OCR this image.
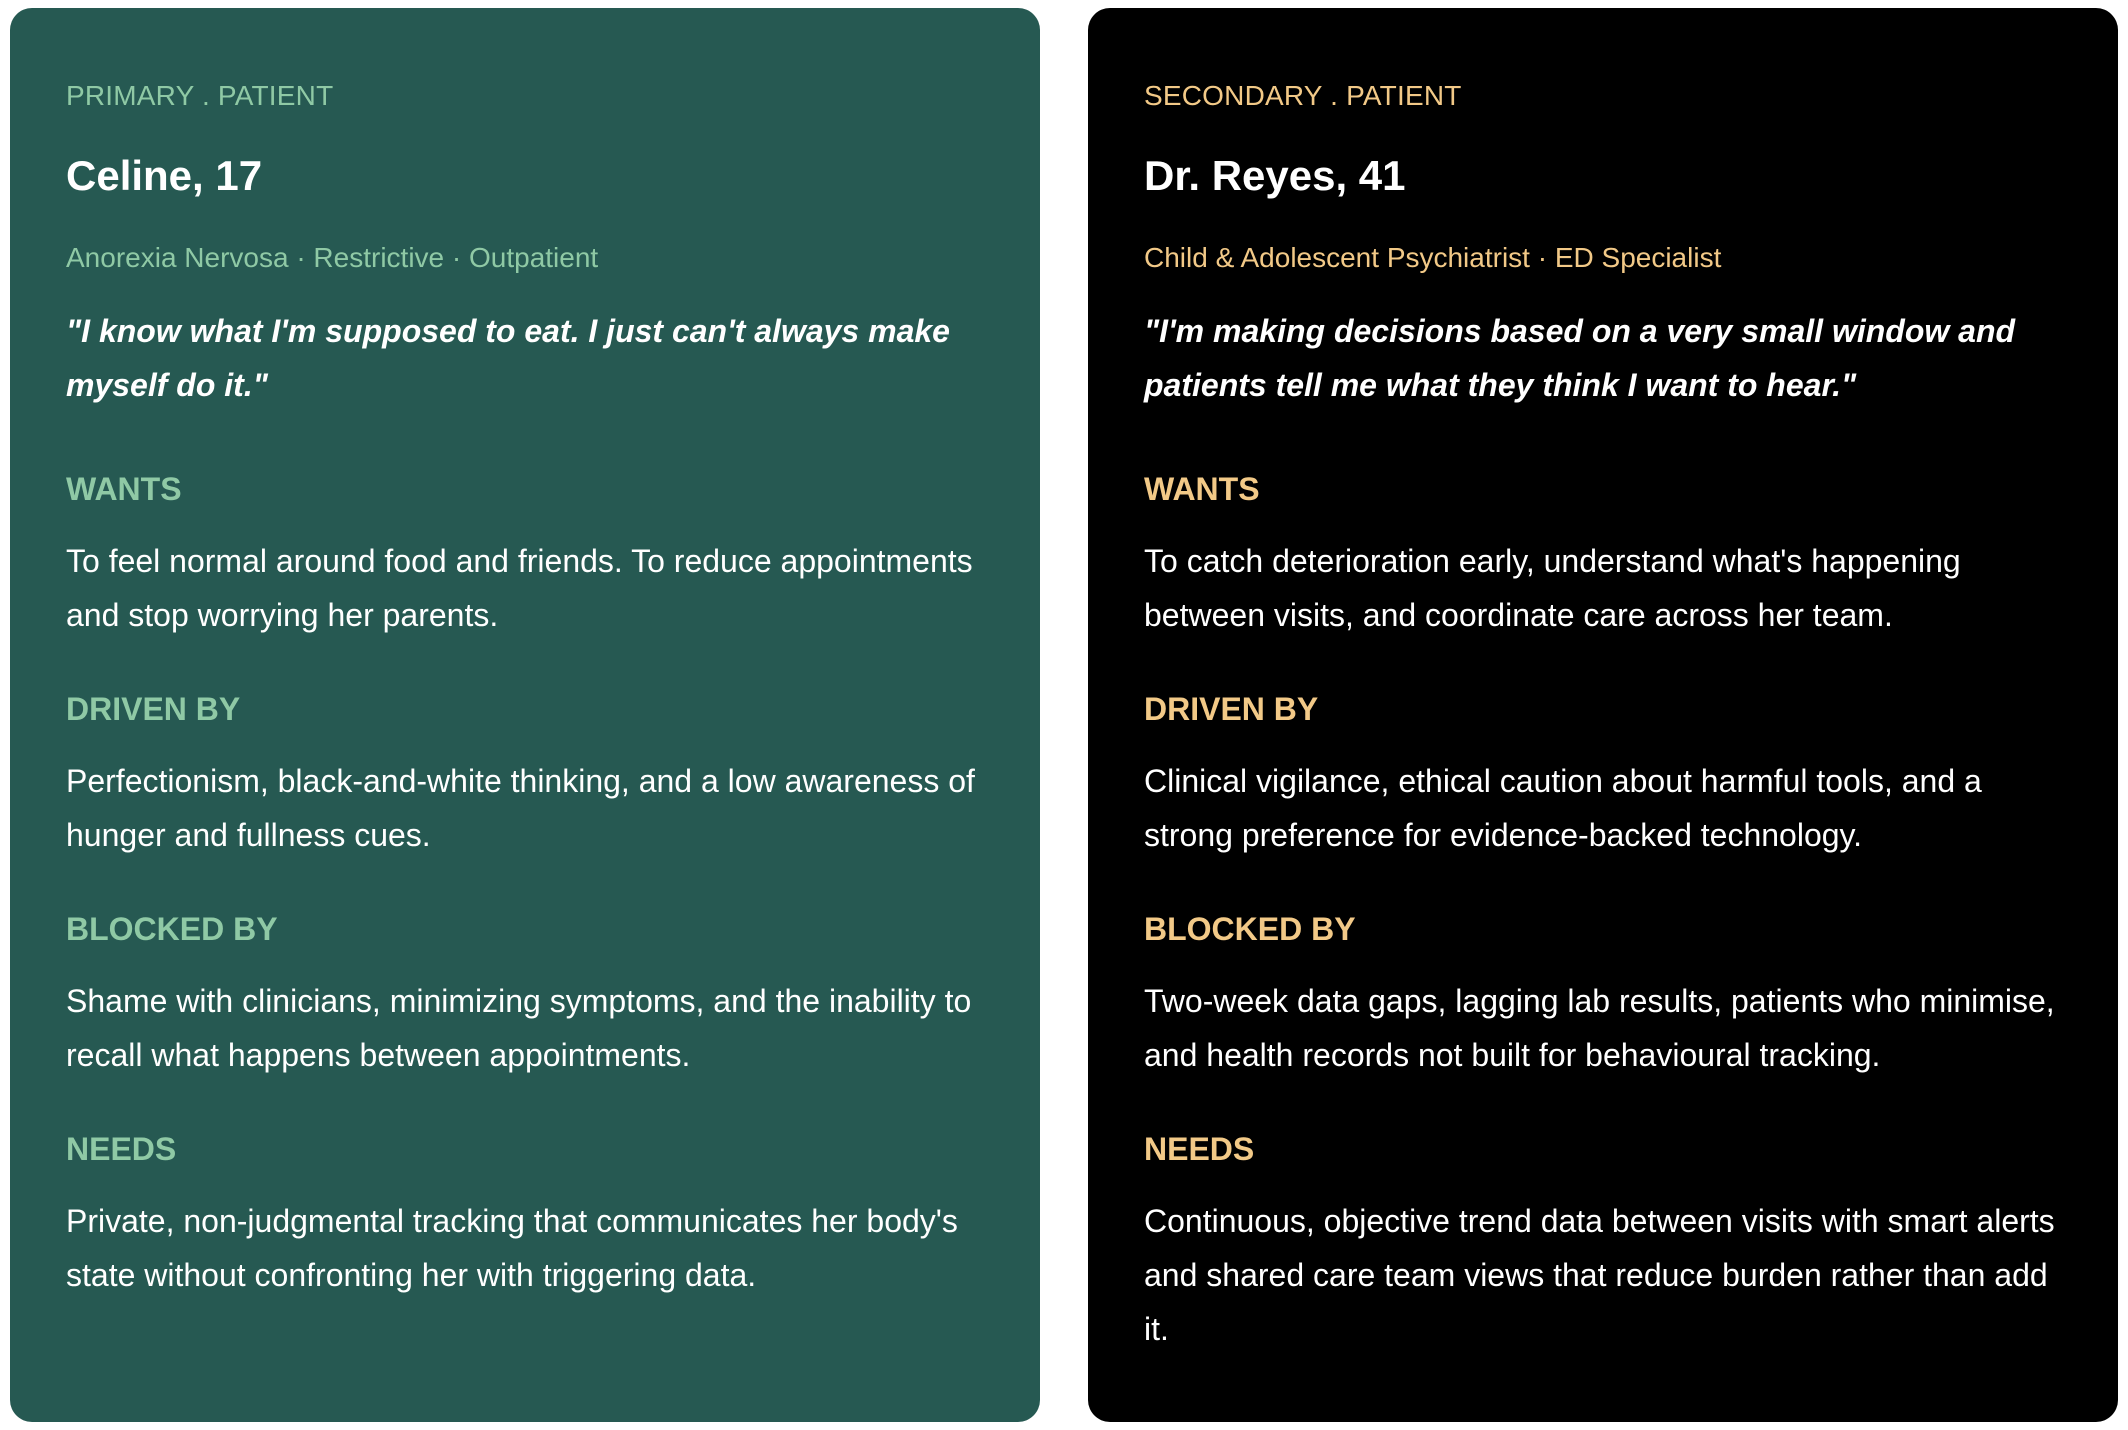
PRIMARY . PATIENT
Celine, 17
Anorexia Nervosa · Restrictive · Outpatient
"I know what I'm supposed to eat. I just can't always make myself do it."
WANTS
To feel normal around food and friends. To reduce appointments and stop worrying her parents.
DRIVEN BY
Perfectionism, black-and-white thinking, and a low awareness of hunger and fullness cues.
BLOCKED BY
Shame with clinicians, minimizing symptoms, and the inability to recall what happens between appointments.
NEEDS
Private, non-judgmental tracking that communicates her body's state without confronting her with triggering data.
SECONDARY . PATIENT
Dr. Reyes, 41
Child & Adolescent Psychiatrist · ED Specialist
"I'm making decisions based on a very small window and patients tell me what they think I want to hear."
WANTS
To catch deterioration early, understand what's happening between visits, and coordinate care across her team.
DRIVEN BY
Clinical vigilance, ethical caution about harmful tools, and a strong preference for evidence-backed technology.
BLOCKED BY
Two-week data gaps, lagging lab results, patients who minimise, and health records not built for behavioural tracking.
NEEDS
Continuous, objective trend data between visits with smart alerts and shared care team views that reduce burden rather than add it.
